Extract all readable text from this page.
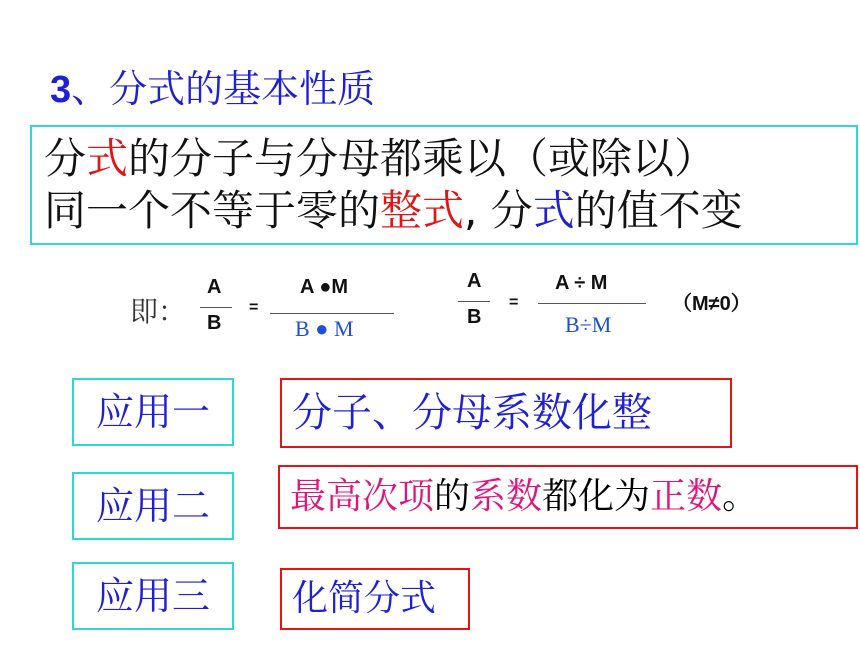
3、分式的基本性质
分式的分子与分母都乘以（或除以）
同一个不等于零的整式, 分式的值不变
即：
A
B
=
A ●M
B ● M
A
B
=
A ÷ M
B÷M
（M≠0）
应用一	分子、分母系数化整
应用二	最高次项 的 系数 都化为 正数 。
应用三	化简分式
